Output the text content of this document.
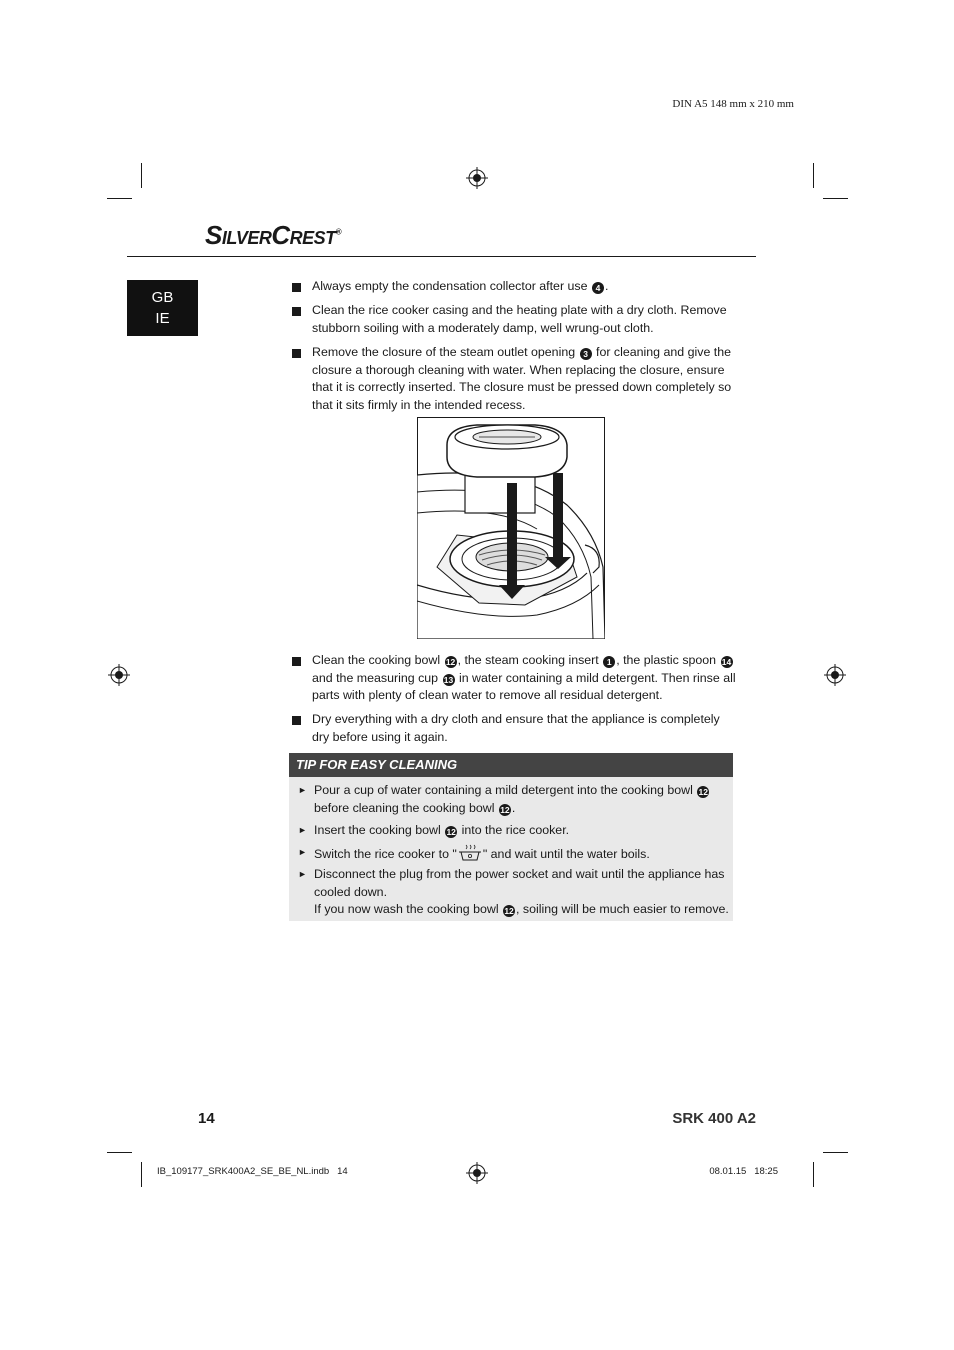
DIN A5 148 mm x 210 mm
SilverCrest®
GB
IE
Always empty the condensation collector after use 4 .
Clean the rice cooker casing and the heating plate with a dry cloth. Remove stubborn soiling with a moderately damp, well wrung-out cloth.
Remove the closure of the steam outlet opening 3 for cleaning and give the closure a thorough cleaning with water. When replacing the closure, ensure that it is correctly inserted. The closure must be pressed down completely so that it sits firmly in the intended recess.
Clean the cooking bowl 12 , the steam cooking insert 1 , the plastic spoon 14 and the measuring cup 13 in water containing a mild detergent. Then rinse all parts with plenty of clean water to remove all residual detergent.
Dry everything with a dry cloth and ensure that the appliance is completely dry before using it again.
TIP FOR EASY CLEANING
► Pour a cup of water containing a mild detergent into the cooking bowl 12 before cleaning the cooking bowl 12 .
► Insert the cooking bowl 12 into the rice cooker.
► Switch the rice cooker to " " and wait until the water boils.
► Disconnect the plug from the power socket and wait until the appliance has cooled down.
If you now wash the cooking bowl 12 , soiling will be much easier to remove.
14	SRK 400 A2
IB_109177_SRK400A2_SE_BE_NL.indb   14	08.01.15   18:25
